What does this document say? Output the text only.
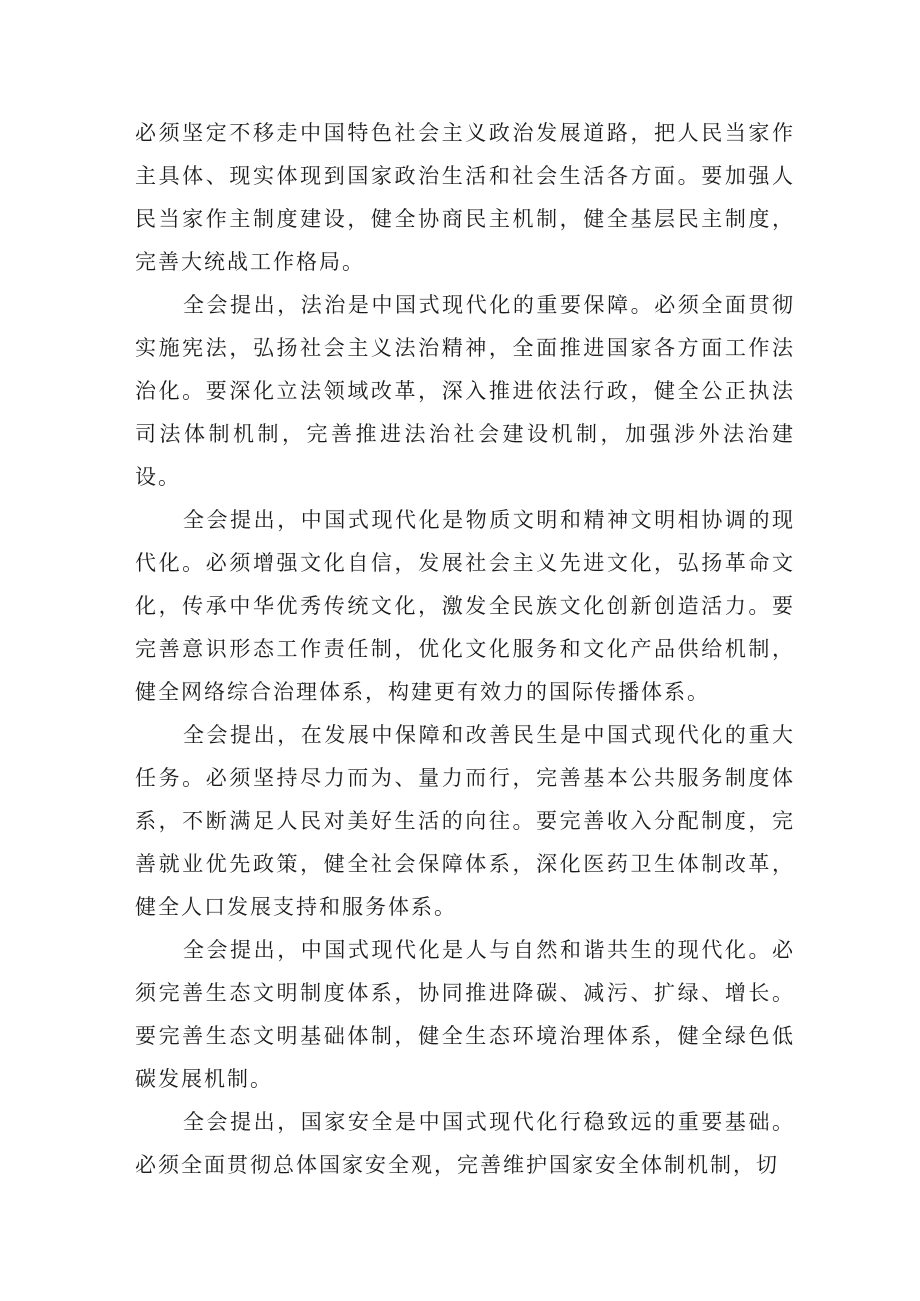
必须坚定不移走中国特色社会主义政治发展道路，把人民当家作主具体、现实体现到国家政治生活和社会生活各方面。要加强人民当家作主制度建设，健全协商民主机制，健全基层民主制度，完善大统战工作格局。

全会提出，法治是中国式现代化的重要保障。必须全面贯彻实施宪法，弘扬社会主义法治精神，全面推进国家各方面工作法治化。要深化立法领域改革，深入推进依法行政，健全公正执法司法体制机制，完善推进法治社会建设机制，加强涉外法治建设。

全会提出，中国式现代化是物质文明和精神文明相协调的现代化。必须增强文化自信，发展社会主义先进文化，弘扬革命文化，传承中华优秀传统文化，激发全民族文化创新创造活力。要完善意识形态工作责任制，优化文化服务和文化产品供给机制，健全网络综合治理体系，构建更有效力的国际传播体系。

全会提出，在发展中保障和改善民生是中国式现代化的重大任务。必须坚持尽力而为、量力而行，完善基本公共服务制度体系，不断满足人民对美好生活的向往。要完善收入分配制度，完善就业优先政策，健全社会保障体系，深化医药卫生体制改革，健全人口发展支持和服务体系。

全会提出，中国式现代化是人与自然和谐共生的现代化。必须完善生态文明制度体系，协同推进降碳、减污、扩绿、增长。要完善生态文明基础体制，健全生态环境治理体系，健全绿色低碳发展机制。

全会提出，国家安全是中国式现代化行稳致远的重要基础。必须全面贯彻总体国家安全观，完善维护国家安全体制机制，切
